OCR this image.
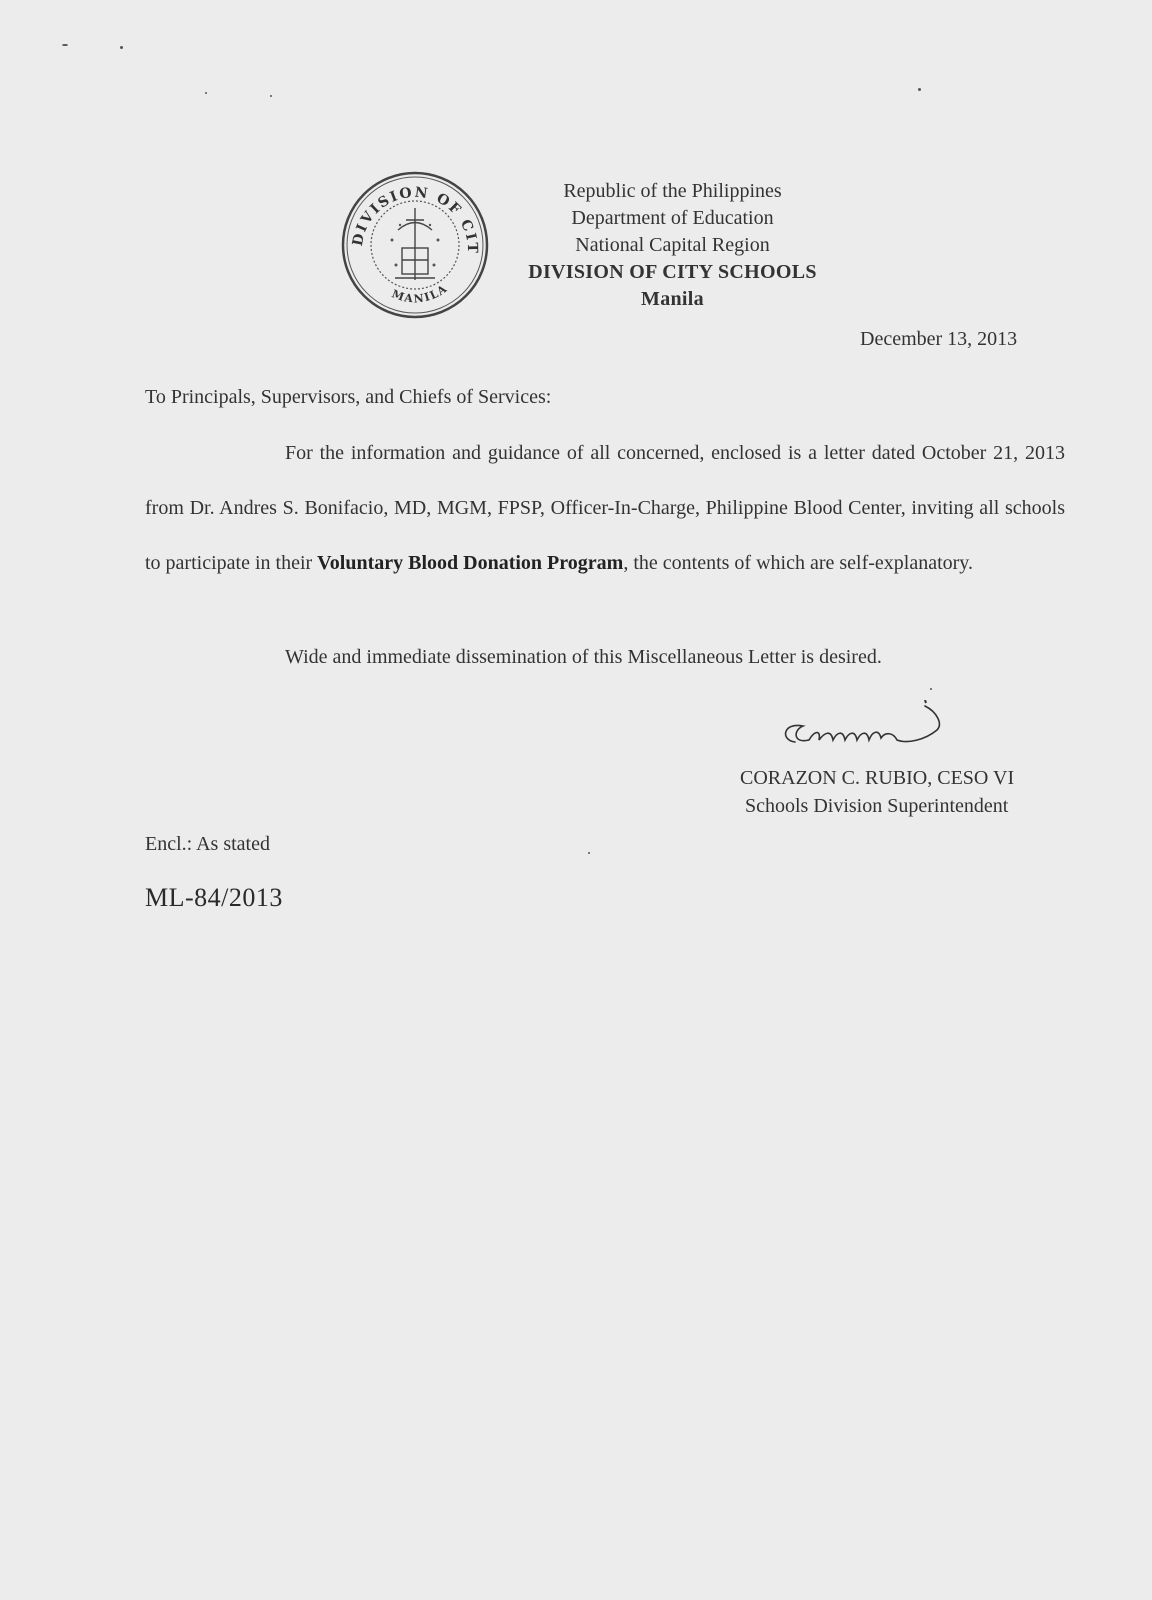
DIVISION OF CIT
MANILA
Republic of the Philippines
Department of Education
National Capital Region
DIVISION OF CITY SCHOOLS
Manila
December 13, 2013
To Principals, Supervisors, and Chiefs of Services:
For the information and guidance of all concerned, enclosed is a letter dated October 21, 2013 from Dr. Andres S. Bonifacio, MD, MGM, FPSP, Officer-In-Charge, Philippine Blood Center, inviting all schools to participate in their Voluntary Blood Donation Program, the contents of which are self-explanatory.
Wide and immediate dissemination of this Miscellaneous Letter is desired.
CORAZON C. RUBIO, CESO VI
Schools Division Superintendent
Encl.: As stated
ML-84/2013
